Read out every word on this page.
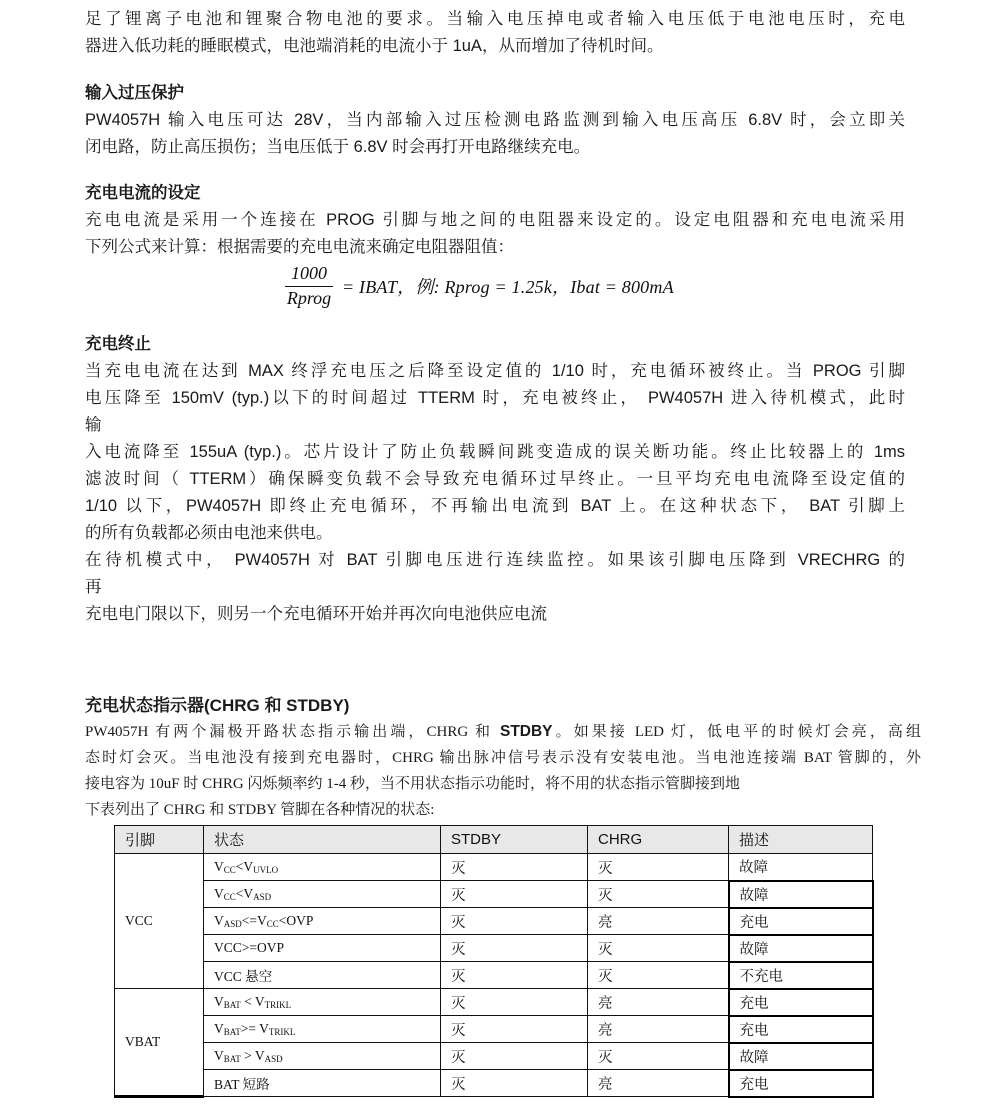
足了锂离子电池和锂聚合物电池的要求。当输入电压掉电或者输入电压低于电池电压时，充电
器进入低功耗的睡眠模式，电池端消耗的电流小于 1uA，从而增加了待机时间。
输入过压保护
PW4057H 输入电压可达 28V，当内部输入过压检测电路监测到输入电压高压 6.8V 时，会立即关
闭电路，防止高压损伤；当电压低于 6.8V 时会再打开电路继续充电。
充电电流的设定
充电电流是采用一个连接在 PROG 引脚与地之间的电阻器来设定的。设定电阻器和充电电流采用
下列公式来计算：根据需要的充电电流来确定电阻器阻值：
$\frac{1000}{\text{Rprog}}$ = IBAT，例: Rprog = 1.25k，Ibat = 800mA
充电终止
当充电电流在达到 MAX 终浮充电压之后降至设定值的 1/10 时，充电循环被终止。当 PROG 引脚
电压降至 150mV (typ.)以下的时间超过 TTERM 时，充电被终止， PW4057H 进入待机模式，此时
输
入电流降至 155uA (typ.)。芯片设计了防止负载瞬间跳变造成的误关断功能。终止比较器上的 1ms
滤波时间（ TTERM）确保瞬变负载不会导致充电循环过早终止。一旦平均充电电流降至设定值的
1/10 以下，PW4057H 即终止充电循环，不再输出电流到 BAT 上。在这种状态下， BAT 引脚上
的所有负载都必须由电池来供电。
在待机模式中， PW4057H 对 BAT 引脚电压进行连续监控。如果该引脚电压降到 VRECHRG 的
再
充电电门限以下，则另一个充电循环开始并再次向电池供应电流
充电状态指示器(CHRG 和 STDBY)
PW4057H 有两个漏极开路状态指示输出端，CHRG 和 STDBY。如果接 LED 灯，低电平的时候灯会亮，高组
态时灯会灭。当电池没有接到充电器时，CHRG 输出脉冲信号表示没有安装电池。当电池连接端 BAT 管脚的，外
接电容为 10uF 时 CHRG 闪烁频率约 1-4 秒，当不用状态指示功能时，将不用的状态指示管脚接到地
下表列出了 CHRG 和 STDBY 管脚在各种情况的状态:
引脚	状态	STDBY	CHRG	描述
VCC	$V_{CC}<V_{UVLO}$	灭	灭	故障
	$V_{CC}<V_{ASD}$	灭	灭	故障
	$V_{ASD}<=V_{CC}<OVP$	灭	亮	充电
	VCC>=OVP	灭	灭	故障
	VCC 悬空	灭	灭	不充电
VBAT	$V_{BAT} < V_{TRIKL}$	灭	亮	充电
	$V_{BAT}>= V_{TRIKL}$	灭	亮	充电
	$V_{BAT} > V_{ASD}$	灭	灭	故障
	BAT 短路	灭	亮	充电
